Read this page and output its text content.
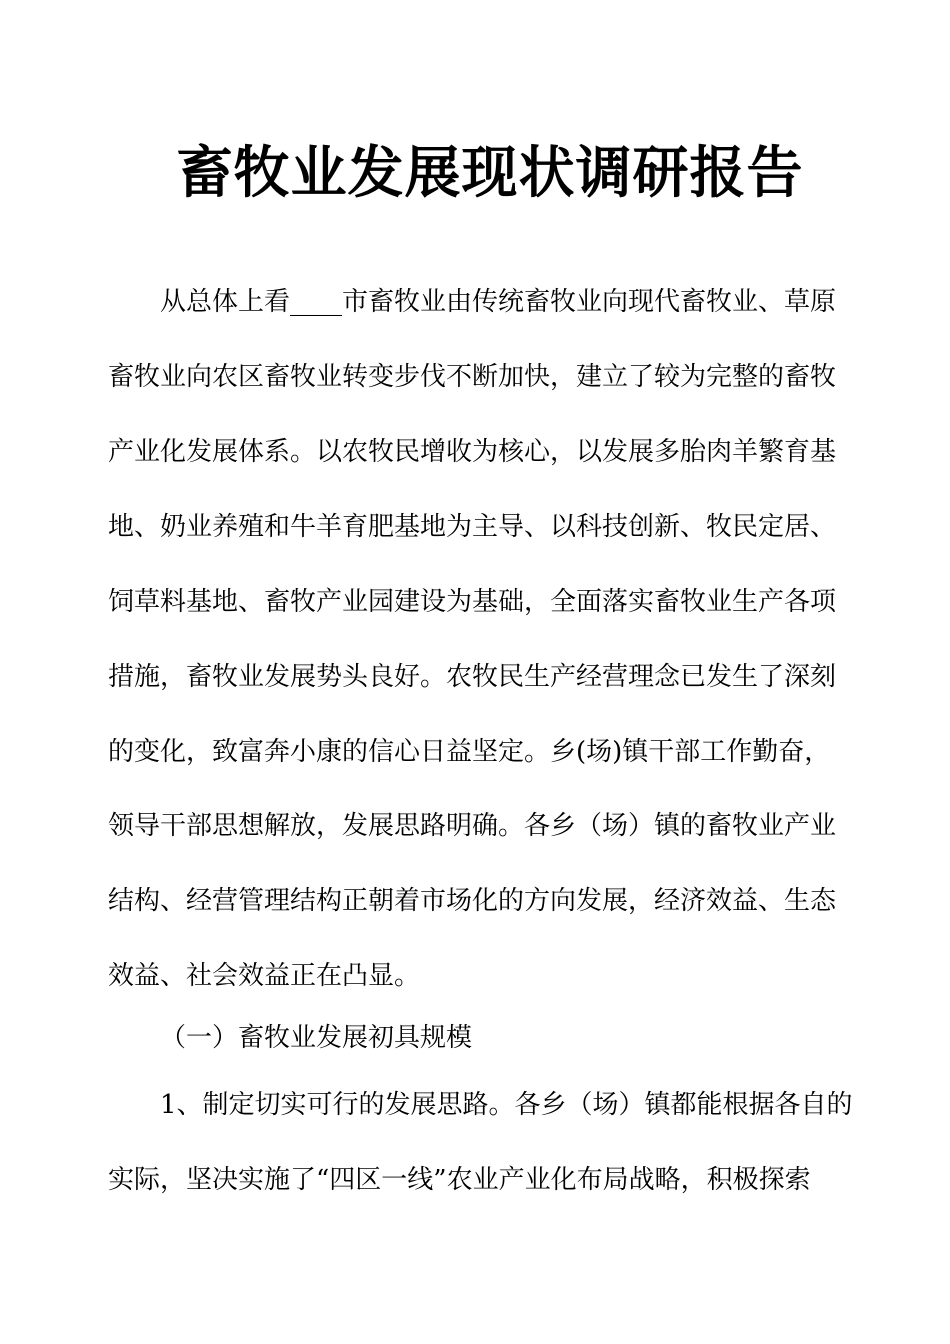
畜牧业发展现状调研报告

从总体上看____市畜牧业由传统畜牧业向现代畜牧业、草原

畜牧业向农区畜牧业转变步伐不断加快，建立了较为完整的畜牧

产业化发展体系。以农牧民增收为核心，以发展多胎肉羊繁育基

地、奶业养殖和牛羊育肥基地为主导、以科技创新、牧民定居、

饲草料基地、畜牧产业园建设为基础，全面落实畜牧业生产各项

措施，畜牧业发展势头良好。农牧民生产经营理念已发生了深刻

的变化，致富奔小康的信心日益坚定。乡(场)镇干部工作勤奋，

领导干部思想解放，发展思路明确。各乡（场）镇的畜牧业产业

结构、经营管理结构正朝着市场化的方向发展，经济效益、生态

效益、社会效益正在凸显。

（一）畜牧业发展初具规模

1、制定切实可行的发展思路。各乡（场）镇都能根据各自的

实际，坚决实施了“四区一线”农业产业化布局战略，积极探索
